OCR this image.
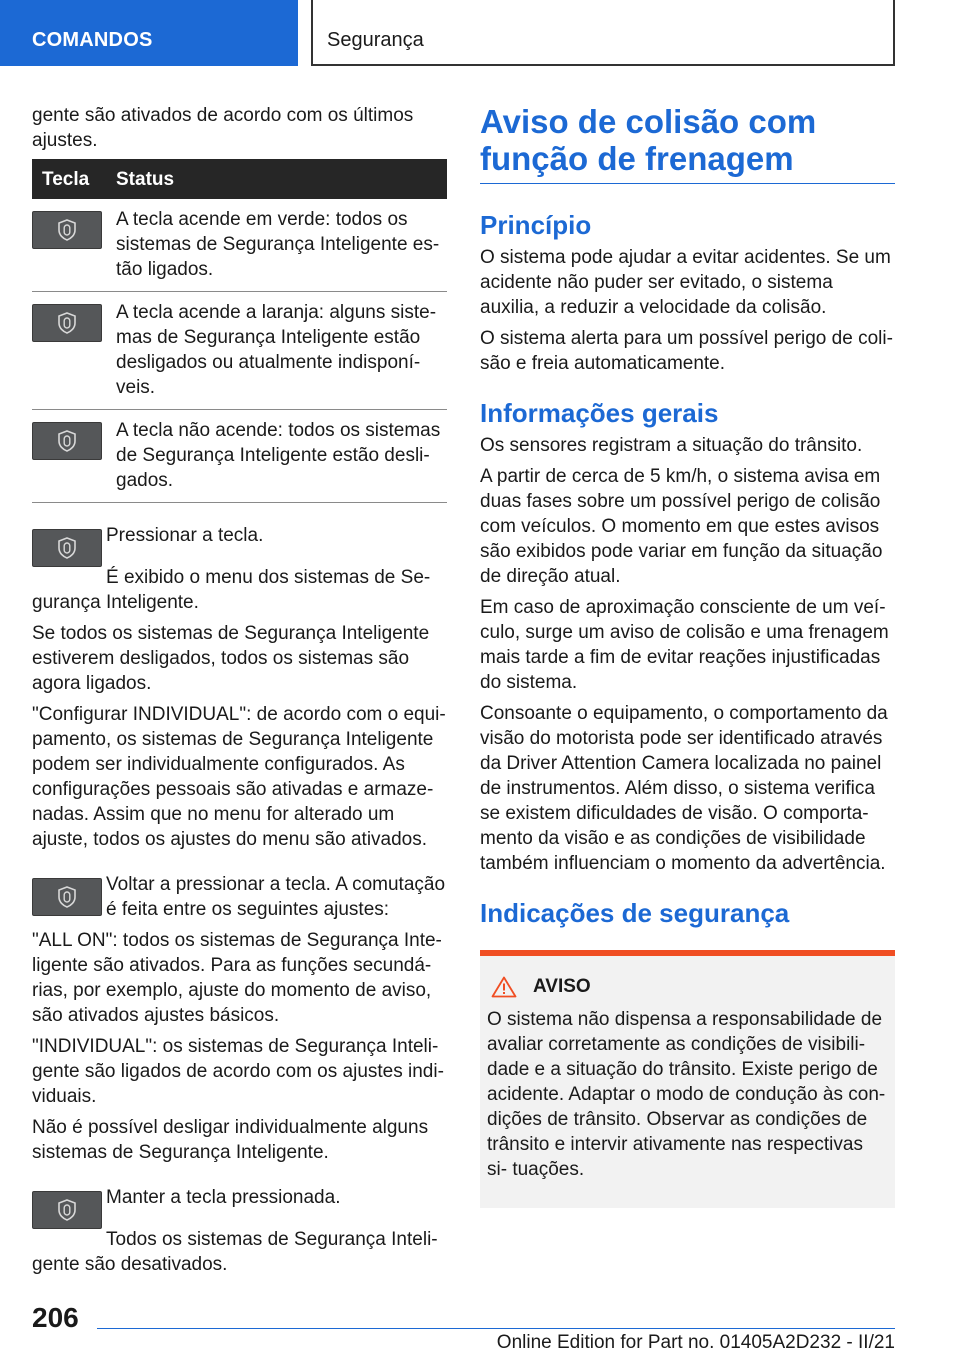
COMANDOS	Segurança

gente são ativados de acordo com os últimos ajustes.

Tecla	Status
A tecla acende em verde: todos os sistemas de Segurança Inteligente es‐ tão ligados.
A tecla acende a laranja: alguns siste‐ mas de Segurança Inteligente estão desligados ou atualmente indisponí‐ veis.
A tecla não acende: todos os sistemas de Segurança Inteligente estão desli‐ gados.

Pressionar a tecla.

É exibido o menu dos sistemas de Se‐ gurança Inteligente.

Se todos os sistemas de Segurança Inteligente estiverem desligados, todos os sistemas são agora ligados.

"Configurar INDIVIDUAL": de acordo com o equi‐ pamento, os sistemas de Segurança Inteligente podem ser individualmente configurados. As configurações pessoais são ativadas e armaze‐ nadas. Assim que no menu for alterado um ajuste, todos os ajustes do menu são ativados.

Voltar a pressionar a tecla. A comutação é feita entre os seguintes ajustes:

"ALL ON": todos os sistemas de Segurança Inte‐ ligente são ativados. Para as funções secundá‐ rias, por exemplo, ajuste do momento de aviso, são ativados ajustes básicos.

"INDIVIDUAL": os sistemas de Segurança Inteli‐ gente são ligados de acordo com os ajustes indi‐ viduais.

Não é possível desligar individualmente alguns sistemas de Segurança Inteligente.

Manter a tecla pressionada.

Todos os sistemas de Segurança Inteli‐ gente são desativados.

Aviso de colisão com função de frenagem
Princípio

O sistema pode ajudar a evitar acidentes. Se um acidente não puder ser evitado, o sistema auxilia, a reduzir a velocidade da colisão.

O sistema alerta para um possível perigo de coli‐ são e freia automaticamente.

Informações gerais

Os sensores registram a situação do trânsito.

A partir de cerca de 5 km/h, o sistema avisa em duas fases sobre um possível perigo de colisão com veículos. O momento em que estes avisos são exibidos pode variar em função da situação de direção atual.

Em caso de aproximação consciente de um veí‐ culo, surge um aviso de colisão e uma frenagem mais tarde a fim de evitar reações injustificadas do sistema.

Consoante o equipamento, o comportamento da visão do motorista pode ser identificado através da Driver Attention Camera localizada no painel de instrumentos. Além disso, o sistema verifica se existem dificuldades de visão. O comporta‐ mento da visão e as condições de visibilidade também influenciam o momento da advertência.

Indicações de segurança
AVISO

O sistema não dispensa a responsabilidade de avaliar corretamente as condições de visibili‐ dade e a situação do trânsito. Existe perigo de acidente. Adaptar o modo de condução às con‐ dições de trânsito. Observar as condições de trânsito e intervir ativamente nas respectivas si‐ tuações.

206
Online Edition for Part no. 01405A2D232 - II/21
